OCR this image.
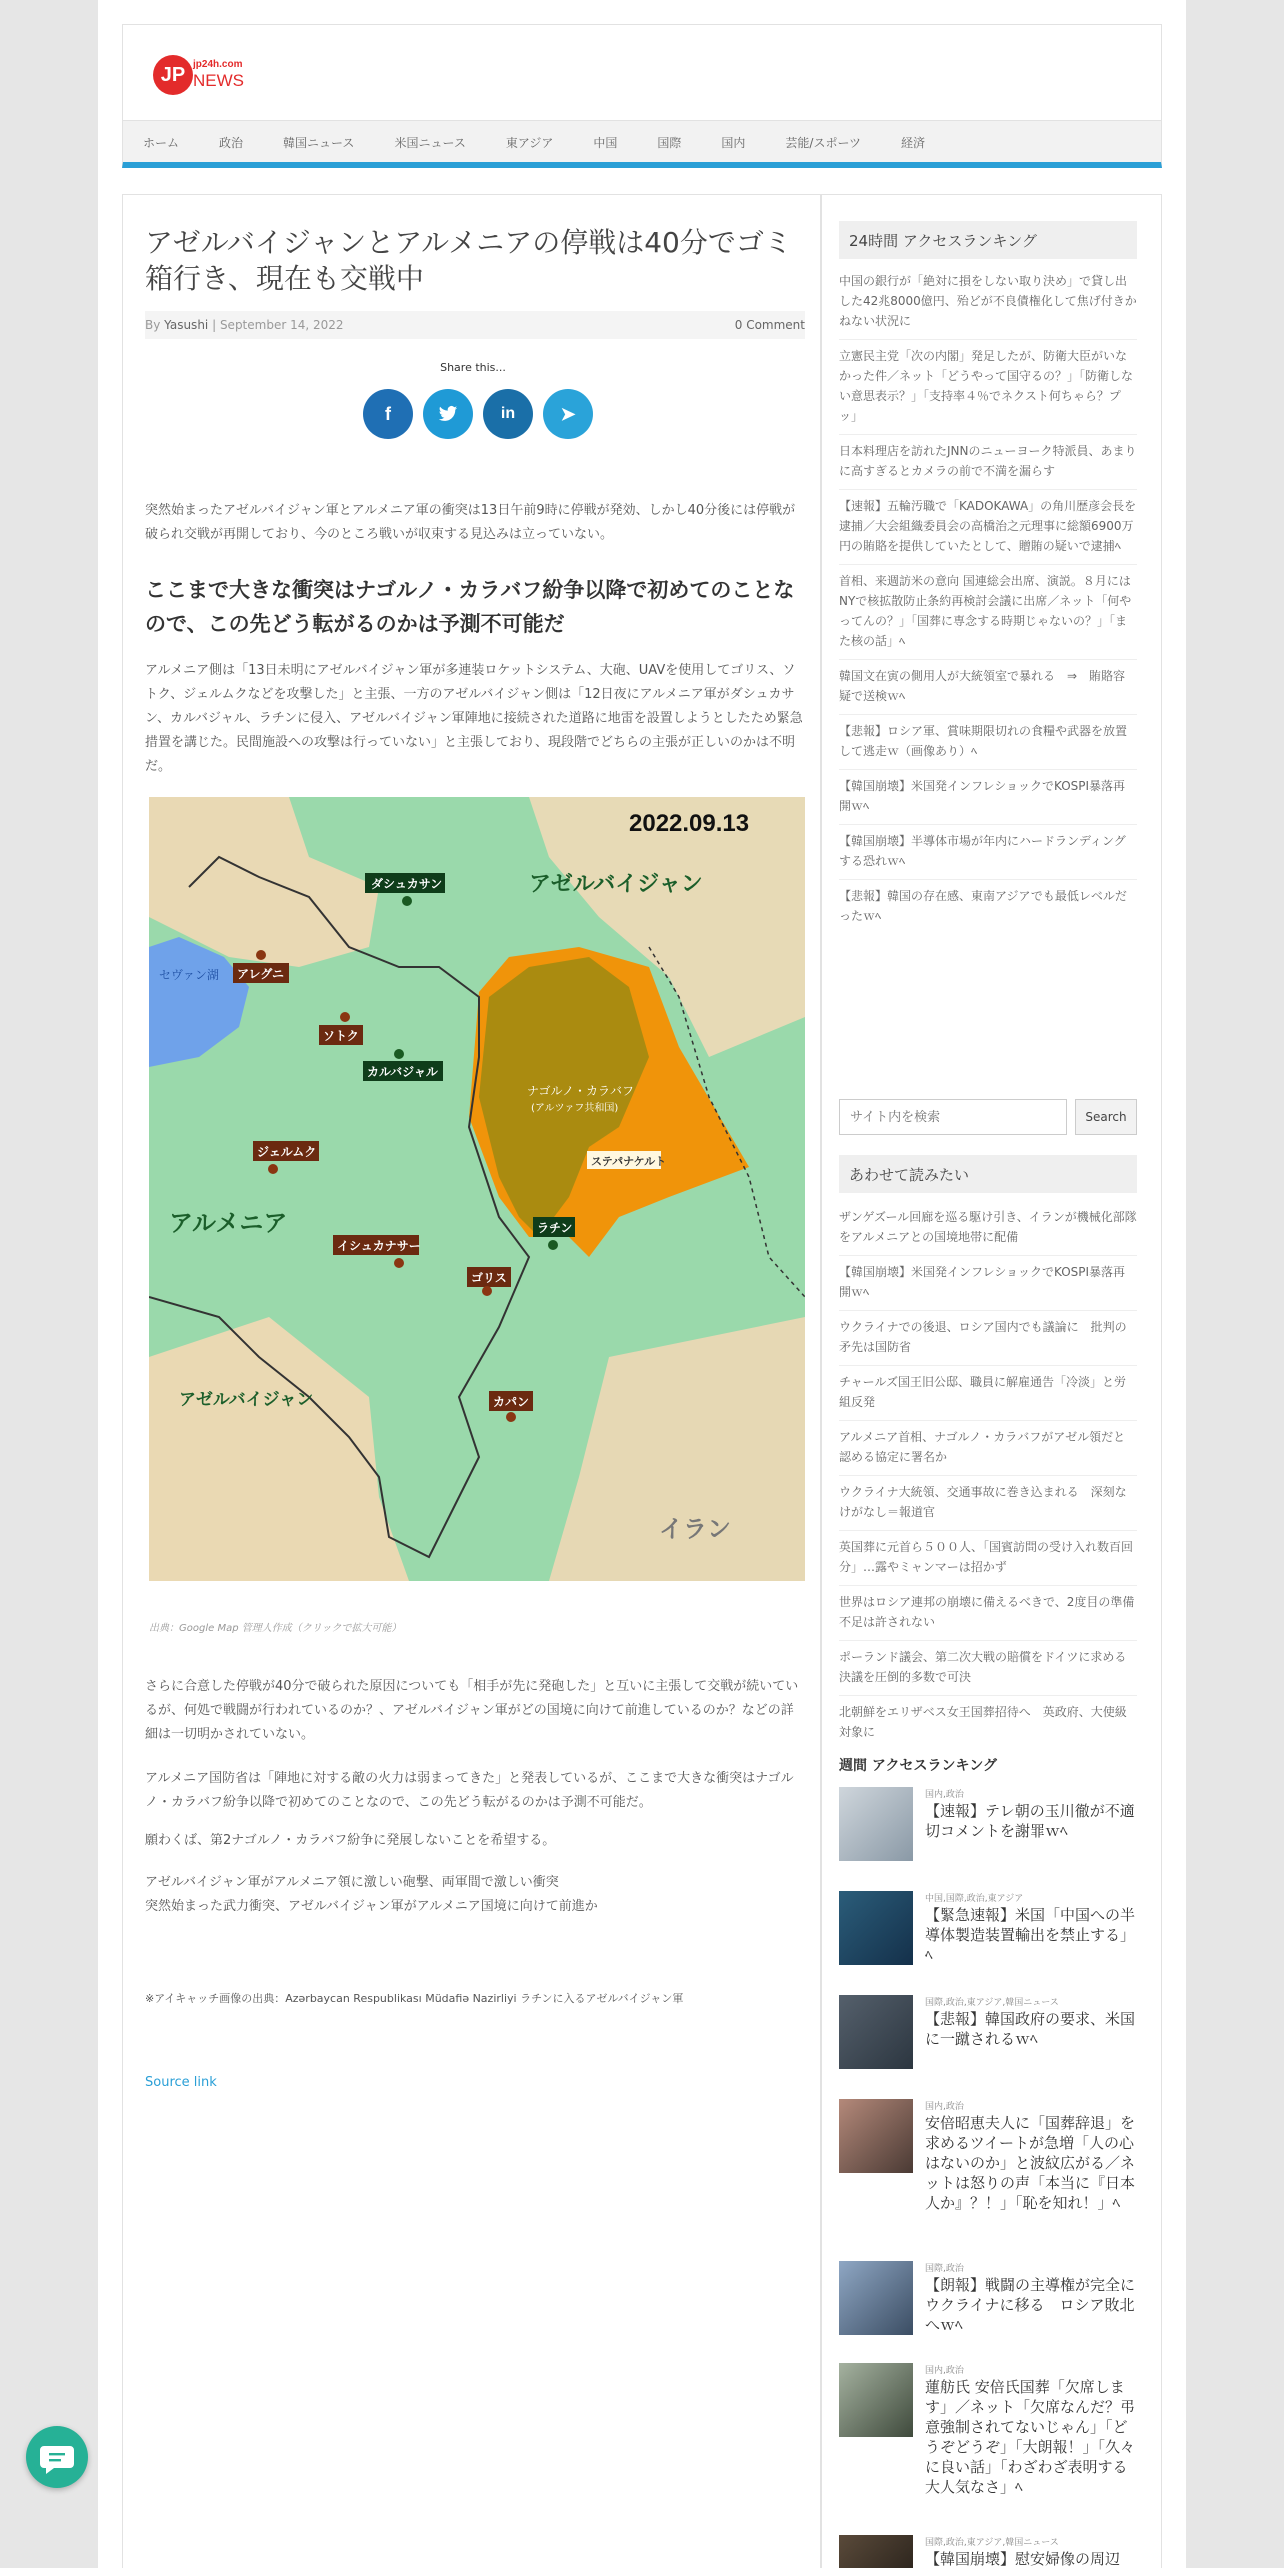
JP jp24h.com
NEWS
ホーム	政治	韓国ニュース	米国ニュース	東アジア	中国	国際	国内	芸能/スポーツ	経済
アゼルバイジャンとアルメニアの停戦は40分でゴミ箱行き、現在も交戦中
By Yasushi | September 14, 2022	0 Comment
Share this...
f	in	➤

突然始まったアゼルバイジャン軍とアルメニア軍の衝突は13日午前9時に停戦が発効、しかし40分後には停戦が破られ交戦が再開しており、今のところ戦いが収束する見込みは立っていない。

ここまで大きな衝突はナゴルノ・カラバフ紛争以降で初めてのことなので、この先どう転がるのかは予測不可能だ

アルメニア側は「13日未明にアゼルバイジャン軍が多連装ロケットシステム、大砲、UAVを使用してゴリス、ソトク、ジェルムクなどを攻撃した」と主張、一方のアゼルバイジャン側は「12日夜にアルメニア軍がダシュカサン、カルバジャル、ラチンに侵入、アゼルバイジャン軍陣地に接続された道路に地雷を設置しようとしたため緊急措置を講じた。民間施設への攻撃は行っていない」と主張しており、現段階でどちらの主張が正しいのかは不明だ。

2022.09.13
アゼルバイジャン
アルメニア
アゼルバイジャン
イラン
セヴァン湖
ナゴルノ・カラバフ
(アルツァフ共和国)
ダシュカサン
アレグニ
ソトク
カルバジャル
ジェルムク
ステパナケルト
ラチン
イシュカナサー
ゴリス
カパン
出典：Google Map 管理人作成（クリックで拡大可能）

さらに合意した停戦が40分で破られた原因についても「相手が先に発砲した」と互いに主張して交戦が続いているが、何処で戦闘が行われているのか？、アゼルバイジャン軍がどの国境に向けて前進しているのか？などの詳細は一切明かされていない。

アルメニア国防省は「陣地に対する敵の火力は弱まってきた」と発表しているが、ここまで大きな衝突はナゴルノ・カラバフ紛争以降で初めてのことなので、この先どう転がるのかは予測不可能だ。

願わくば、第2ナゴルノ・カラバフ紛争に発展しないことを希望する。

アゼルバイジャン軍がアルメニア領に激しい砲撃、両軍間で激しい衝突

突然始まった武力衝突、アゼルバイジャン軍がアルメニア国境に向けて前進か

※アイキャッチ画像の出典：Azərbaycan Respublikası Müdafiə Nazirliyi ラチンに入るアゼルバイジャン軍

Source link
24時間 アクセスランキング
中国の銀行が「絶対に損をしない取り決め」で貸し出した42兆8000億円、殆どが不良債権化して焦げ付きかねない状況に
立憲民主党「次の内閣」発足したが、防衛大臣がいなかった件／ネット「どうやって国守るの？」「防衛しない意思表示？」「支持率４％でネクスト何ちゃら？プッ」
日本料理店を訪れたJNNのニューヨーク特派員、あまりに高すぎるとカメラの前で不満を漏らす
【速報】五輪汚職で「KADOKAWA」の角川歴彦会長を逮捕／大会組織委員会の高橋治之元理事に総額6900万円の賄賂を提供していたとして、贈賄の疑いで逮捕ﾍ
首相、来週訪米の意向 国連総会出席、演説。８月にはNYで核拡散防止条約再検討会議に出席／ネット「何やってんの？」「国葬に専念する時期じゃないの？」「また核の話」ﾍ
韓国文在寅の側用人が大統領室で暴れる　⇒　賄賂容疑で送検ｗﾍ
【悲報】ロシア軍、賞味期限切れの食糧や武器を放置して逃走ｗ（画像あり）ﾍ
【韓国崩壊】米国発インフレショックでKOSPI暴落再開ｗﾍ
【韓国崩壊】半導体市場が年内にハードランディングする恐れｗﾍ
【悲報】韓国の存在感、東南アジアでも最低レベルだったｗﾍ
サイト内を検索
Search
あわせて読みたい
ザンゲズール回廊を巡る駆け引き、イランが機械化部隊をアルメニアとの国境地帯に配備
【韓国崩壊】米国発インフレショックでKOSPI暴落再開ｗﾍ
ウクライナでの後退、ロシア国内でも議論に　批判の矛先は国防省
チャールズ国王旧公邸、職員に解雇通告「冷淡」と労組反発
アルメニア首相、ナゴルノ・カラバフがアゼル領だと認める協定に署名か
ウクライナ大統領、交通事故に巻き込まれる　深刻なけがなし＝報道官
英国葬に元首ら５００人、「国賓訪問の受け入れ数百回分」…露やミャンマーは招かず
世界はロシア連邦の崩壊に備えるべきで、2度目の準備不足は許されない
ポーランド議会、第二次大戦の賠償をドイツに求める決議を圧倒的多数で可決
北朝鮮をエリザベス女王国葬招待へ　英政府、大使級対象に
週間 アクセスランキング
国内,政治
【速報】テレ朝の玉川徹が不適切コメントを謝罪ｗﾍ
中国,国際,政治,東アジア
【緊急速報】米国「中国への半導体製造装置輸出を禁止する」ﾍ
国際,政治,東アジア,韓国ニュース
【悲報】韓国政府の要求、米国に一蹴されるｗﾍ
国内,政治
安倍昭恵夫人に「国葬辞退」を求めるツイートが急増「人の心はないのか」と波紋広がる／ネットは怒りの声「本当に『日本人か』？！」「恥を知れ！」ﾍ
国際,政治
【朗報】戦闘の主導権が完全にウクライナに移る　ロシア敗北へｗﾍ
国内,政治
蓮舫氏 安倍氏国葬「欠席します」／ネット「欠席なんだ？弔意強制されてないじゃん」「どうぞどうぞ」「大朗報！」「久々に良い話」「わざわざ表明する大人気なさ」ﾍ
国際,政治,東アジア,韓国ニュース
【韓国崩壊】慰安婦像の周辺
